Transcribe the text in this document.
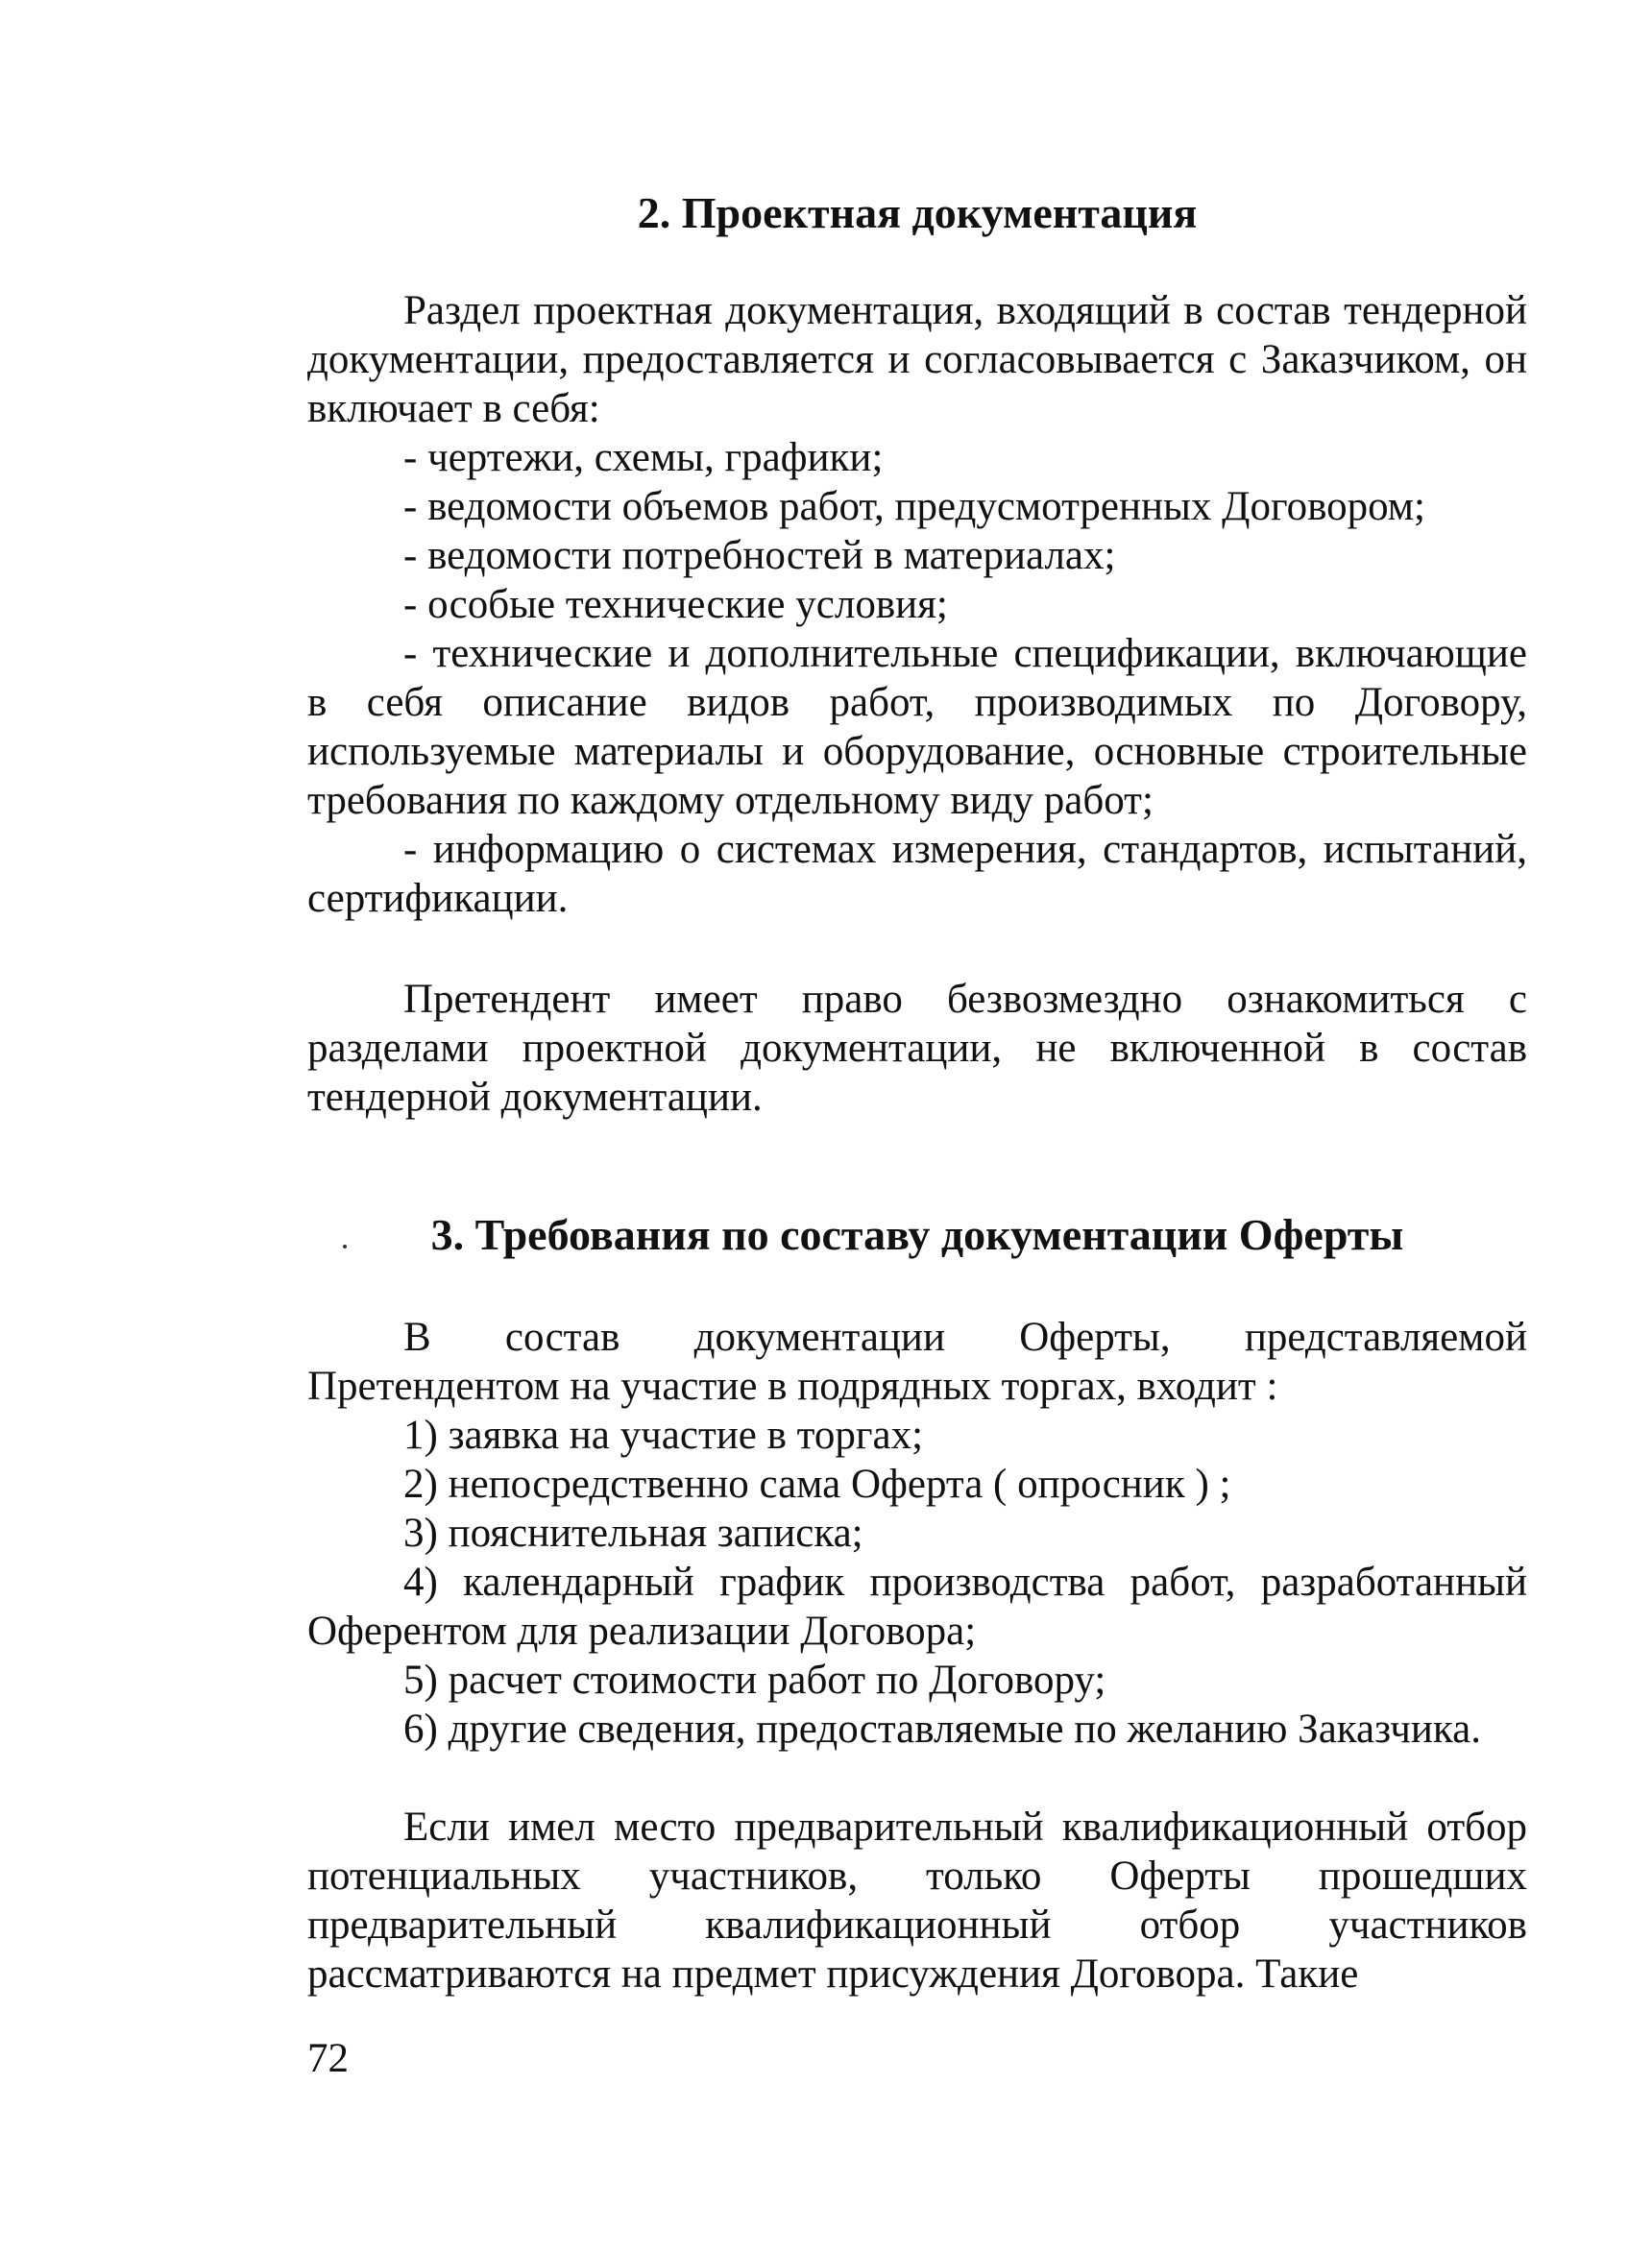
2. Проектная документация

Раздел проектная документация, входящий в состав тендерной документации, предоставляется и согласовывается с Заказчиком, он включает в себя:

- чертежи, схемы, графики;
- ведомости объемов работ, предусмотренных Договором;
- ведомости потребностей в материалах;
- особые технические условия;
- технические и дополнительные спецификации, включающие в себя описание видов работ, производимых по Договору, используемые материалы и оборудование, основные строительные требования по каждому отдельному виду работ;
- информацию о системах измерения, стандартов, испытаний, сертификации.

Претендент имеет право безвозмездно ознакомиться с разделами проектной документации, не включенной в состав тендерной документации.

3. Требования по составу документации Оферты

В состав документации Оферты, представляемой Претендентом на участие в подрядных торгах, входит :

1) заявка на участие в торгах;
2) непосредственно сама Оферта ( опросник ) ;
3) пояснительная записка;
4) календарный график производства работ, разработанный Оферентом для реализации Договора;
5) расчет стоимости работ по Договору;
6) другие сведения, предоставляемые по желанию Заказчика.

Если имел место предварительный квалификационный отбор потенциальных участников, только Оферты прошедших предварительный квалификационный отбор участников рассматриваются на предмет присуждения Договора. Такие

72
